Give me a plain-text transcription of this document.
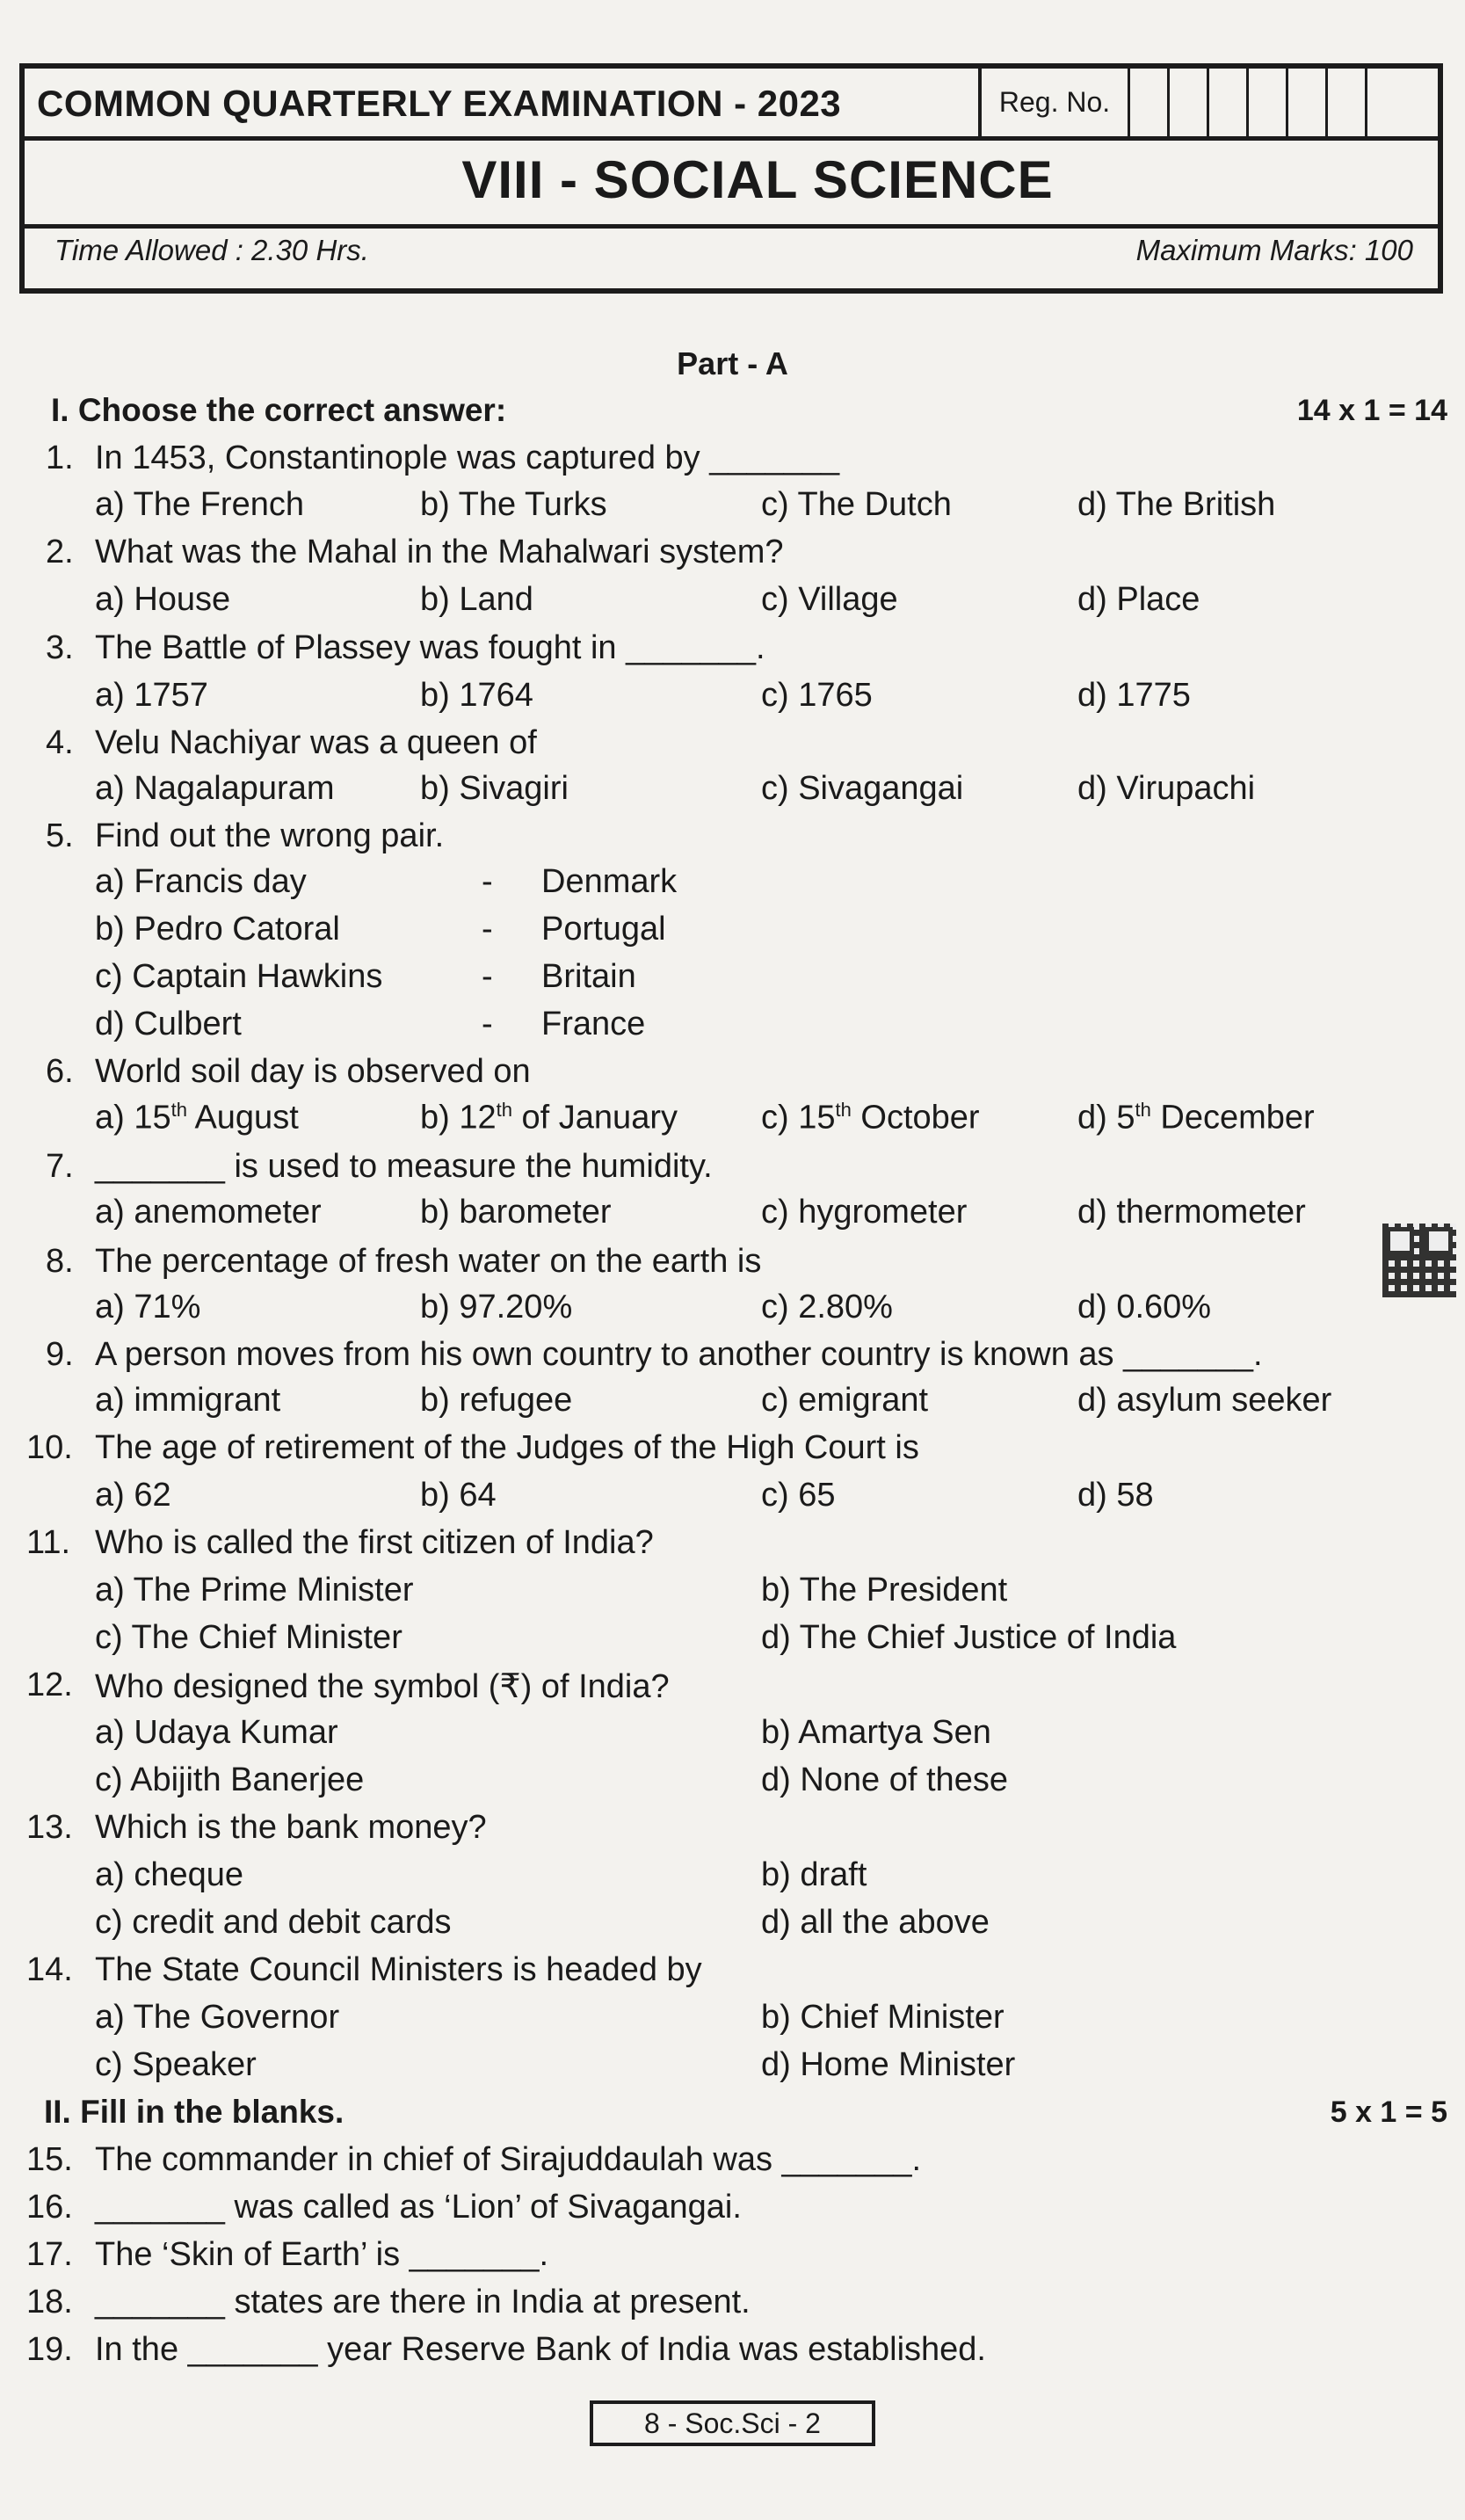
COMMON QUARTERLY EXAMINATION - 2023	Reg. No.
VIII - SOCIAL SCIENCE
Time Allowed : 2.30 Hrs.	Maximum Marks: 100
Part - A
I. Choose the correct answer:	14 x 1 = 14
1. In 1453, Constantinople was captured by _______
a) The French	b) The Turks	c) The Dutch	d) The British
2. What was the Mahal in the Mahalwari system?
a) House	b) Land	c) Village	d) Place
3. The Battle of Plassey was fought in _______.
a) 1757	b) 1764	c) 1765	d) 1775
4. Velu Nachiyar was a queen of
a) Nagalapuram	b) Sivagiri	c) Sivagangai	d) Virupachi
5. Find out the wrong pair.
a) Francis day	- Denmark
b) Pedro Catoral	- Portugal
c) Captain Hawkins	- Britain
d) Culbert	- France
6. World soil day is observed on
a) 15th August	b) 12th of January	c) 15th October	d) 5th December
7. _______ is used to measure the humidity.
a) anemometer	b) barometer	c) hygrometer	d) thermometer
8. The percentage of fresh water on the earth is
a) 71%	b) 97.20%	c) 2.80%	d) 0.60%
9. A person moves from his own country to another country is known as _______.
a) immigrant	b) refugee	c) emigrant	d) asylum seeker
10. The age of retirement of the Judges of the High Court is
a) 62	b) 64	c) 65	d) 58
11. Who is called the first citizen of India?
a) The Prime Minister	b) The President
c) The Chief Minister	d) The Chief Justice of India
12. Who designed the symbol (₹) of India?
a) Udaya Kumar	b) Amartya Sen
c) Abijith Banerjee	d) None of these
13. Which is the bank money?
a) cheque	b) draft
c) credit and debit cards	d) all the above
14. The State Council Ministers is headed by
a) The Governor	b) Chief Minister
c) Speaker	d) Home Minister
II. Fill in the blanks.	5 x 1 = 5
15. The commander in chief of Sirajuddaulah was _______.
16. _______ was called as ‘Lion’ of Sivagangai.
17. The ‘Skin of Earth’ is _______.
18. _______ states are there in India at present.
19. In the _______ year Reserve Bank of India was established.
8 - Soc.Sci - 2
